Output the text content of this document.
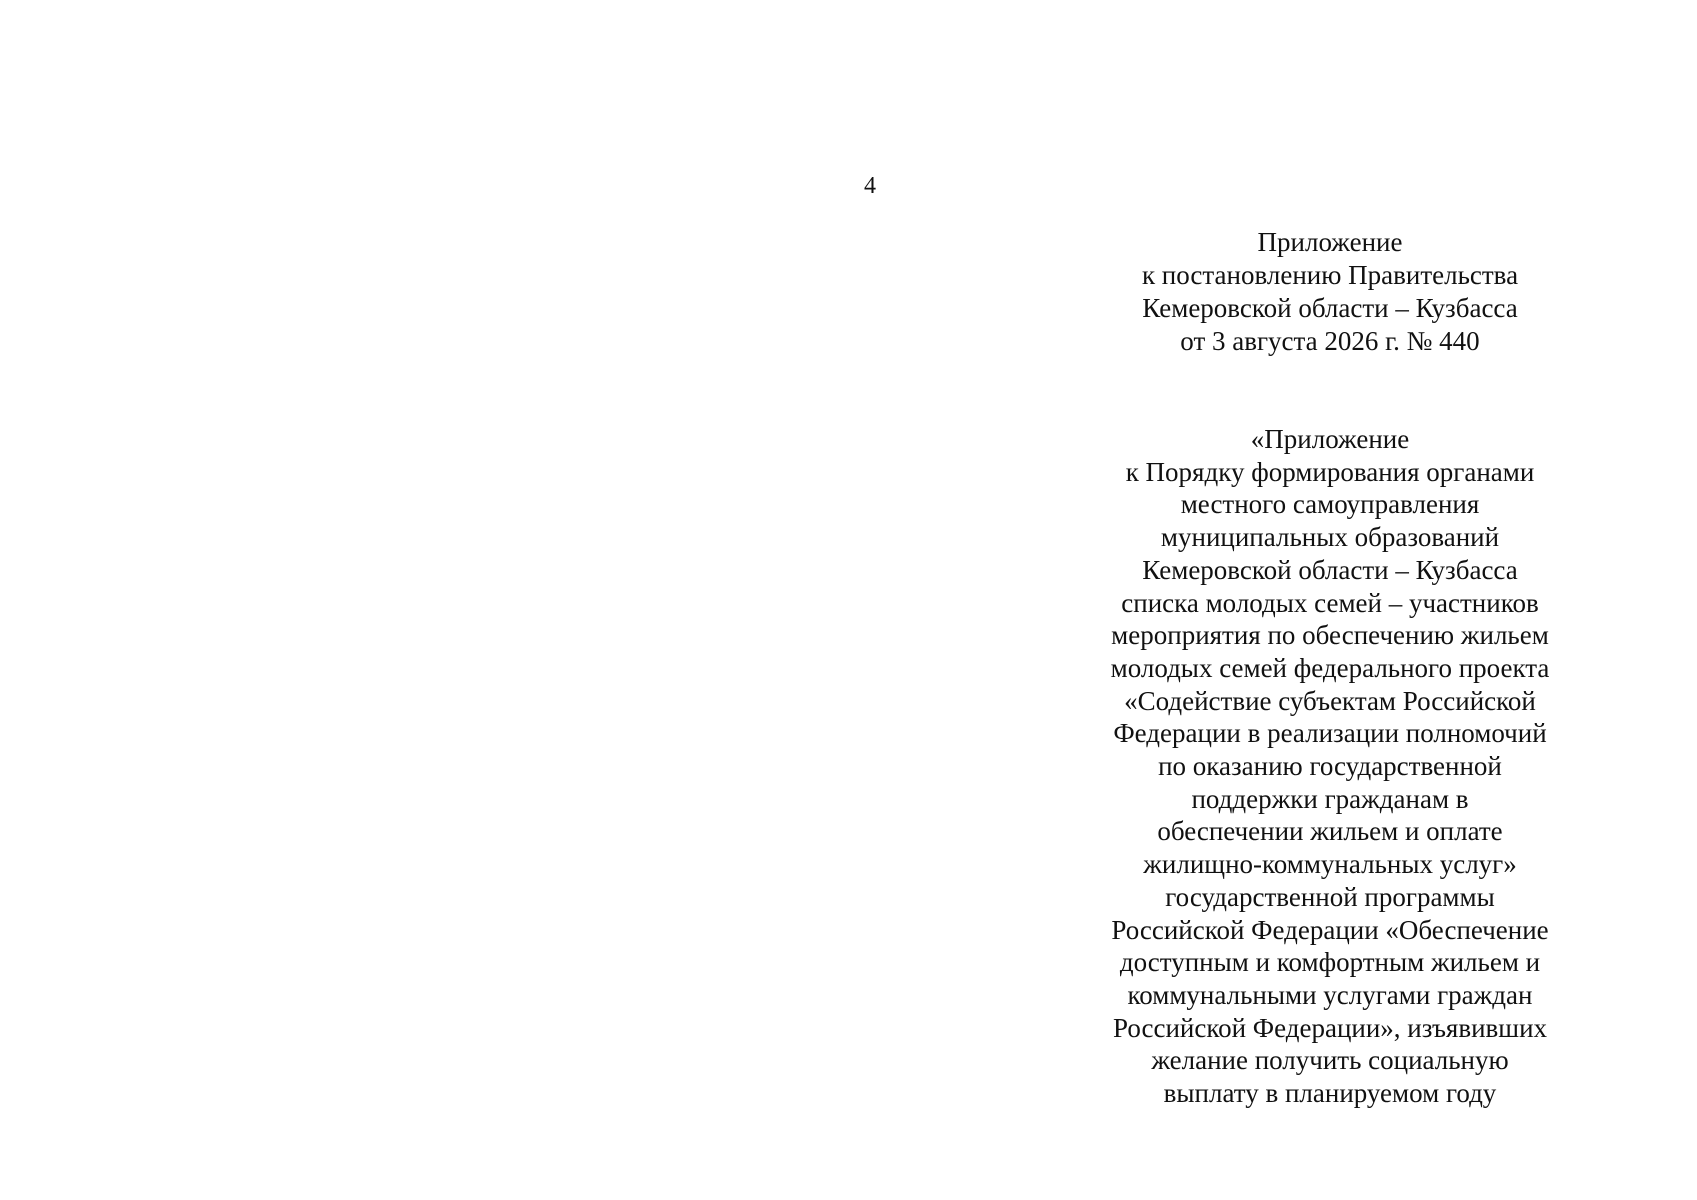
4
Приложение
к постановлению Правительства
Кемеровской области – Кузбасса
от 3 августа 2026 г. № 440
«Приложение
к Порядку формирования органами
местного самоуправления
муниципальных образований
Кемеровской области – Кузбасса
списка молодых семей – участников
мероприятия по обеспечению жильем
молодых семей федерального проекта
«Содействие субъектам Российской
Федерации в реализации полномочий
по оказанию государственной
поддержки гражданам в
обеспечении жильем и оплате
жилищно-коммунальных услуг»
государственной программы
Российской Федерации «Обеспечение
доступным и комфортным жильем и
коммунальными услугами граждан
Российской Федерации», изъявивших
желание получить социальную
выплату в планируемом году
